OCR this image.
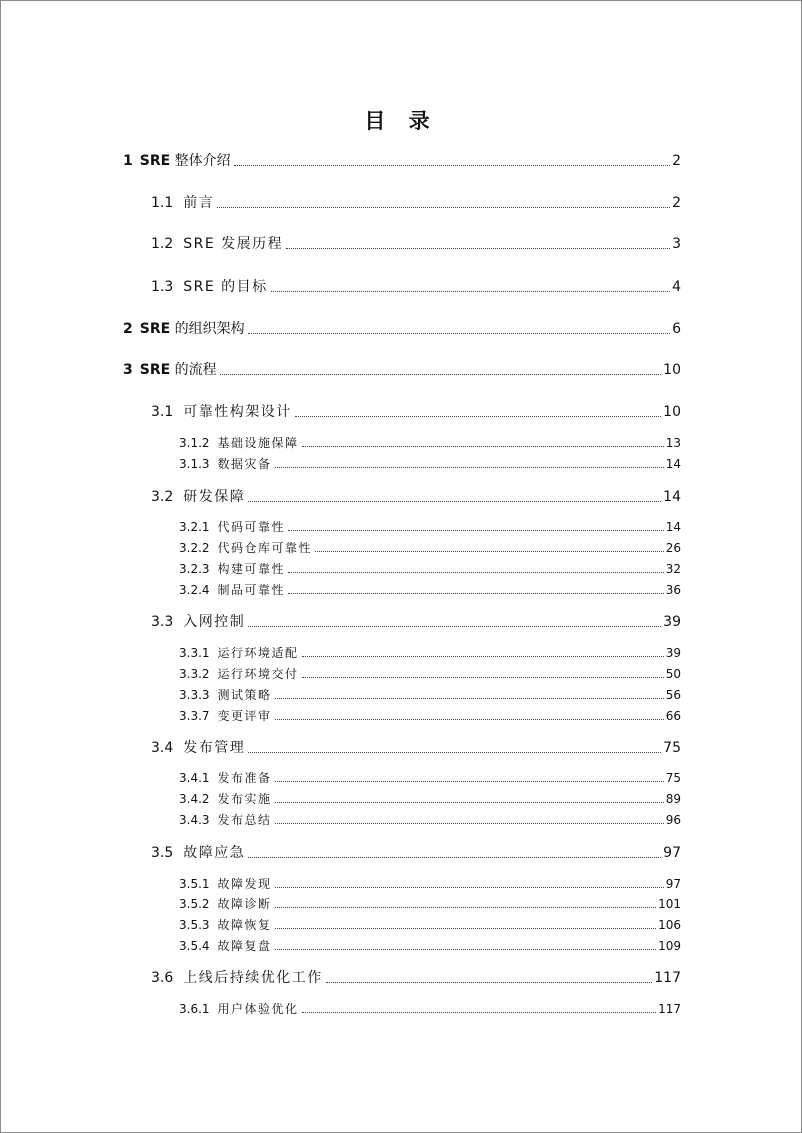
目 录
1 SRE 整体介绍	2
1.1 前言	2
1.2 SRE 发展历程	3
1.3 SRE 的目标	4
2 SRE 的组织架构	6
3 SRE 的流程	10
3.1 可靠性构架设计	10
3.1.2 基础设施保障	13
3.1.3 数据灾备	14
3.2 研发保障	14
3.2.1 代码可靠性	14
3.2.2 代码仓库可靠性	26
3.2.3 构建可靠性	32
3.2.4 制品可靠性	36
3.3 入网控制	39
3.3.1 运行环境适配	39
3.3.2 运行环境交付	50
3.3.3 测试策略	56
3.3.7 变更评审	66
3.4 发布管理	75
3.4.1 发布准备	75
3.4.2 发布实施	89
3.4.3 发布总结	96
3.5 故障应急	97
3.5.1 故障发现	97
3.5.2 故障诊断	101
3.5.3 故障恢复	106
3.5.4 故障复盘	109
3.6 上线后持续优化工作	117
3.6.1 用户体验优化	117
